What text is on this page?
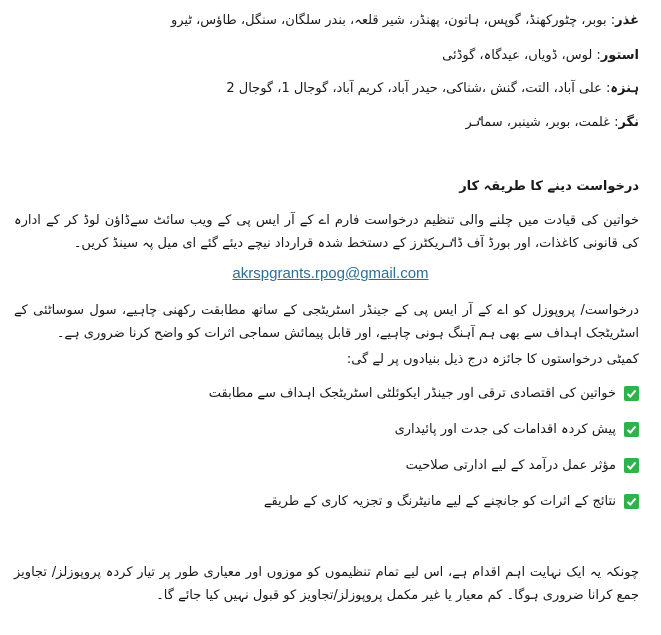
غذر: بوبر، چٹورکھنڈ، گوپس، ہاتون، پھنڈر، شیر قلعہ، بندر سلگان، سنگل، طاؤس، ٹیرو
استور: لوس، ڈویاں، عیدگاہ، گوڈئی
ہنزہ: علی آباد، التت، گنش ،شناکی، حیدر آباد، کریم آباد، گوجال 1، گوجال 2
نگر: غلمت، بوبر، شینبر، سماٸر
درخواست دینے کا طریقہ کار
خواتین کی قیادت میں چلنے والی تنظیم درخواست فارم اے کے آر ایس پی کے ویب سائٹ سےڈاؤن لوڈ کر کے ادارہ کی قانونی کاغذات، اور بورڈ آف ڈاٸریکٹرز کے دستخط شدہ قرارداد نیچے دیئے گئے ای میل پہ سینڈ کریں۔
akrspgrants.rpog@gmail.com
درخواست/ پروپوزل کو اے کے آر ایس پی کے جینڈر اسٹریٹجی کے ساتھ مطابقت رکھنی چاہیے، سول سوساٹئی کے اسٹریٹجک اہداف سے بھی ہم آہنگ ہونی چاہیے، اور قابل پیمائش سماجی اثرات کو واضح کرنا ضروری ہے۔
کمیٹی درخواستوں کا جائزہ درج ذیل بنیادوں پر لے گی:
خواتین کی اقتصادی ترقی اور جینڈر ایکوئلٹی اسٹریٹجک اہداف سے مطابقت
پیش کردہ اقدامات کی جدت اور پائیداری
مؤثر عمل درآمد کے لیے ادارتی صلاحیت
نتائج کے اثرات کو جانچنے کے لیے مانیٹرنگ و تجزیہ کاری کے طریقے
چونکہ یہ ایک نہایت اہم اقدام ہے، اس لیے تمام تنظیموں کو موزوں اور معیاری طور پر تیار کردہ پروپوزلز/ تجاویز جمع کرانا ضروری ہوگا۔ کم معیار یا غیر مکمل پروپوزلز/تجاویز کو قبول نہیں کیا جائے گا۔
